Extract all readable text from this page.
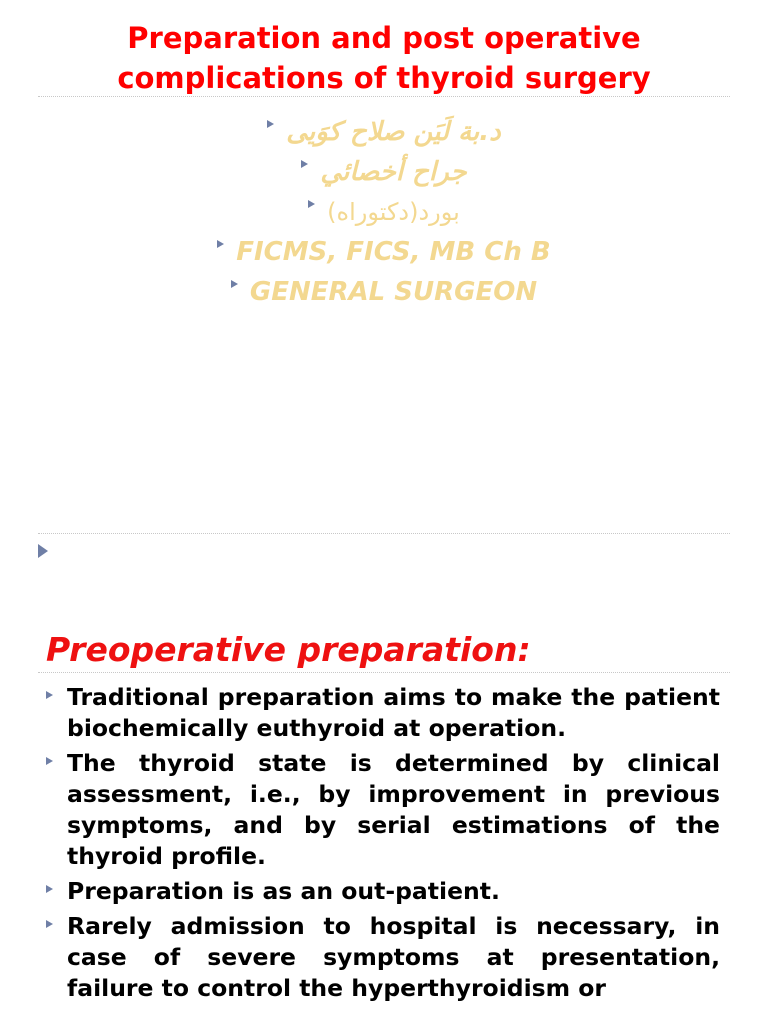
Preparation and post operative complications of thyroid surgery
د.بة لَيَن صلاح كوَيى
جراح أخصائي
بورد(دكتوراه)
FICMS, FICS, MB Ch B
GENERAL SURGEON
Preoperative preparation:
Traditional preparation aims to make the patient biochemically euthyroid at operation.
The thyroid state is determined by clinical assessment, i.e., by improvement in previous symptoms, and by serial estimations of the thyroid profile.
Preparation is as an out-patient.
Rarely admission to hospital is necessary, in case of severe symptoms at presentation, failure to control the hyperthyroidism or
